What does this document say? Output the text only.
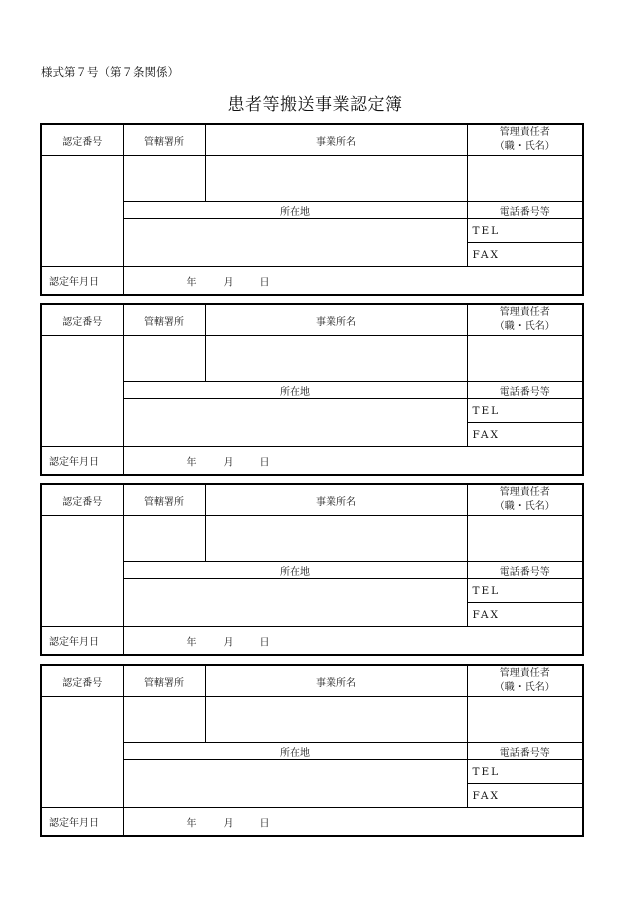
様式第７号（第７条関係）
患者等搬送事業認定簿
認定番号	管轄署所	事業所名	管理責任者
（職・氏名）

	所在地		電話番号等
			TEL
			FAX
認定年月日	年 月 日		
認定番号	管轄署所	事業所名	管理責任者
（職・氏名）

	所在地		電話番号等
			TEL
			FAX
認定年月日	年 月 日		
認定番号	管轄署所	事業所名	管理責任者
（職・氏名）

	所在地		電話番号等
			TEL
			FAX
認定年月日	年 月 日		
認定番号	管轄署所	事業所名	管理責任者
（職・氏名）

	所在地		電話番号等
			TEL
			FAX
認定年月日	年 月 日		
